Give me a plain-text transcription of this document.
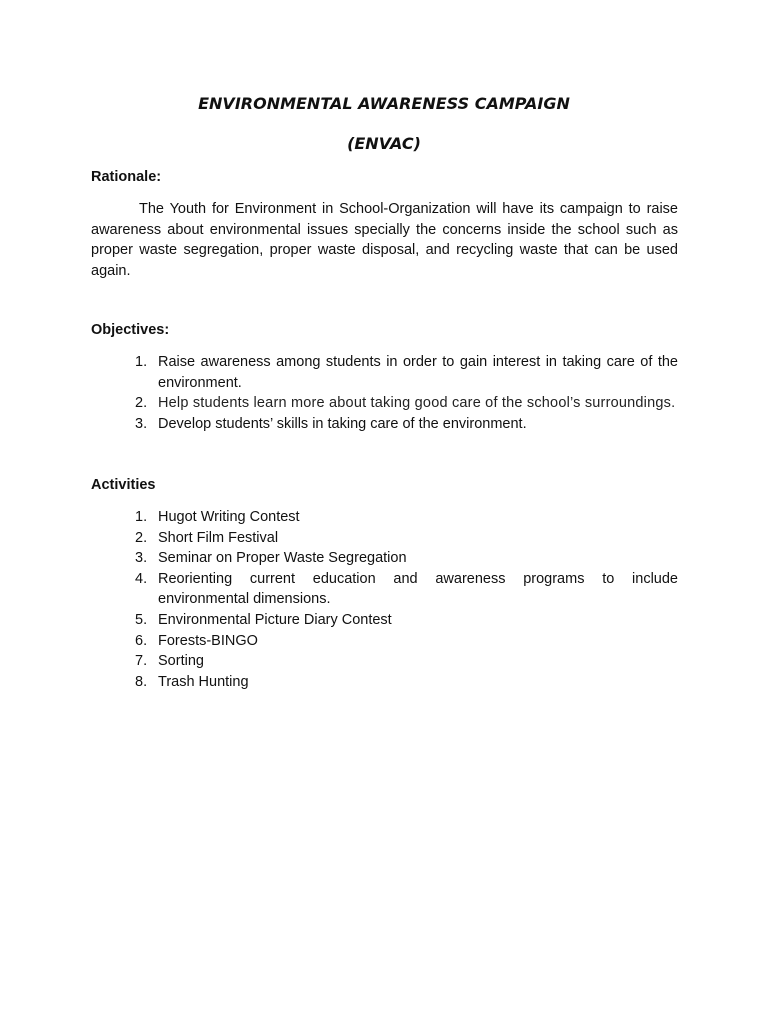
ENVIRONMENTAL AWARENESS CAMPAIGN
(ENVAC)
Rationale:

The Youth for Environment in School-Organization will have its campaign to raise awareness about environmental issues specially the concerns inside the school such as proper waste segregation, proper waste disposal, and recycling waste that can be used again.

Objectives:
1. Raise awareness among students in order to gain interest in taking care of the environment.
2. Help students learn more about taking good care of the school’s surroundings.
3. Develop students’ skills in taking care of the environment.
Activities
1. Hugot Writing Contest
2. Short Film Festival
3. Seminar on Proper Waste Segregation
4. Reorienting current education and awareness programs to include
environmental dimensions.
5. Environmental Picture Diary Contest
6. Forests-BINGO
7. Sorting
8. Trash Hunting
